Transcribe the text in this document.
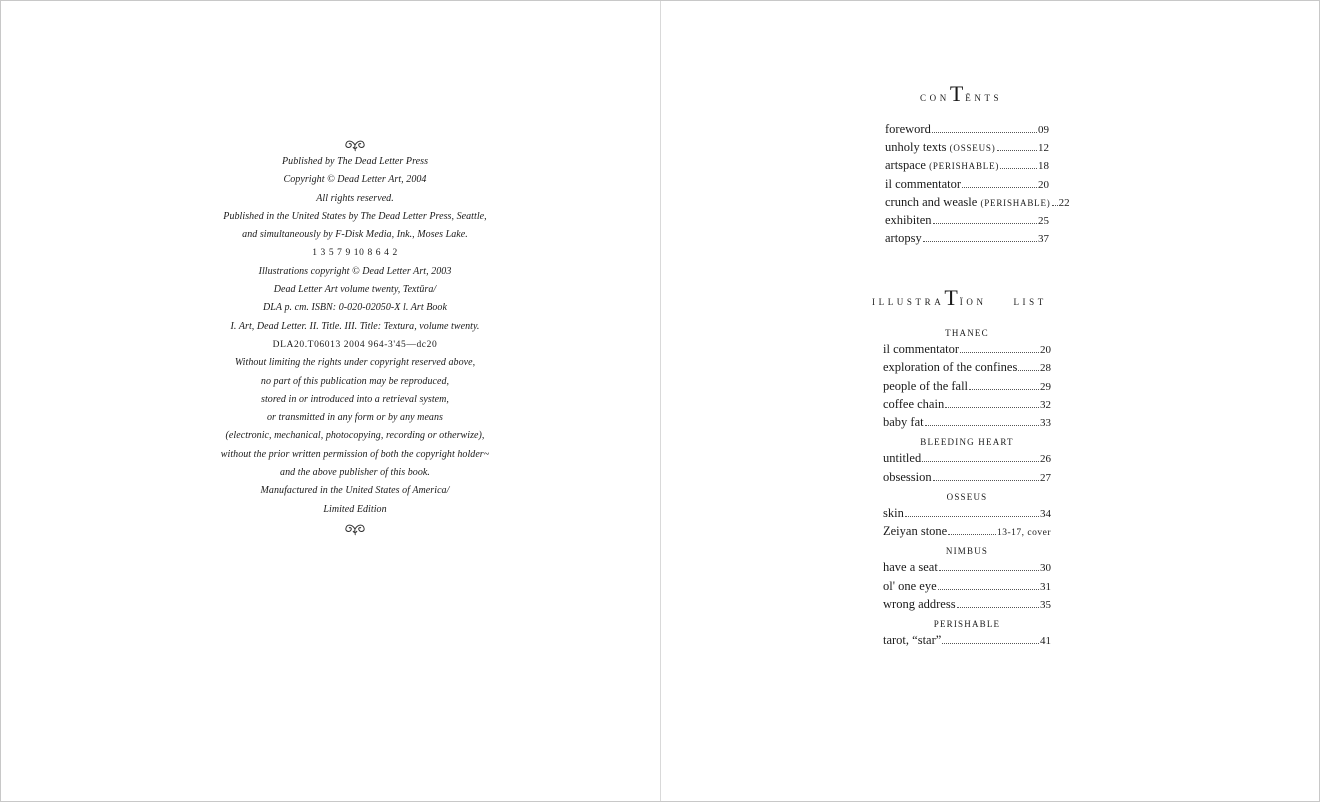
Published by The Dead Letter Press
Copyright © Dead Letter Art, 2004
All rights reserved.
Published in the United States by The Dead Letter Press, Seattle,
and simultaneously by F-Disk Media, Ink., Moses Lake.
1 3 5 7 9 10 8 6 4 2
Illustrations copyright © Dead Letter Art, 2003
Dead Letter Art volume twenty, Textūra/
DLA p. cm. ISBN: 0-020-02050-X l. Art Book
I. Art, Dead Letter. II. Title. III. Title: Textura, volume twenty.
DLA20.T06013 2004 964-3'45—dc20
Without limiting the rights under copyright reserved above,
no part of this publication may be reproduced,
stored in or introduced into a retrieval system,
or transmitted in any form or by any means
(electronic, mechanical, photocopying, recording or otherwize),
without the prior written permission of both the copyright holder~
and the above publisher of this book.
Manufactured in the United States of America/
Limited Edition
conTënts
foreword	09
unholy texts (OSSEUS)	12
artspace (PERISHABLE)	18
il commentator	20
crunch and weasle (PERISHABLE) 22
exhibiten	25
artopsy	37
illustraTïon    list
THANEC
il commentator	20
exploration of the confines 28
people of the fall	29
coffee chain	32
baby fat	33
BLEEDING HEART
untitled	26
obsession	27
OSSEUS
skin	34
Zeiyan stone	13-17, cover
NIMBUS
have a seat	30
ol' one eye	31
wrong address	35
PERISHABLE
tarot, “star”	41
